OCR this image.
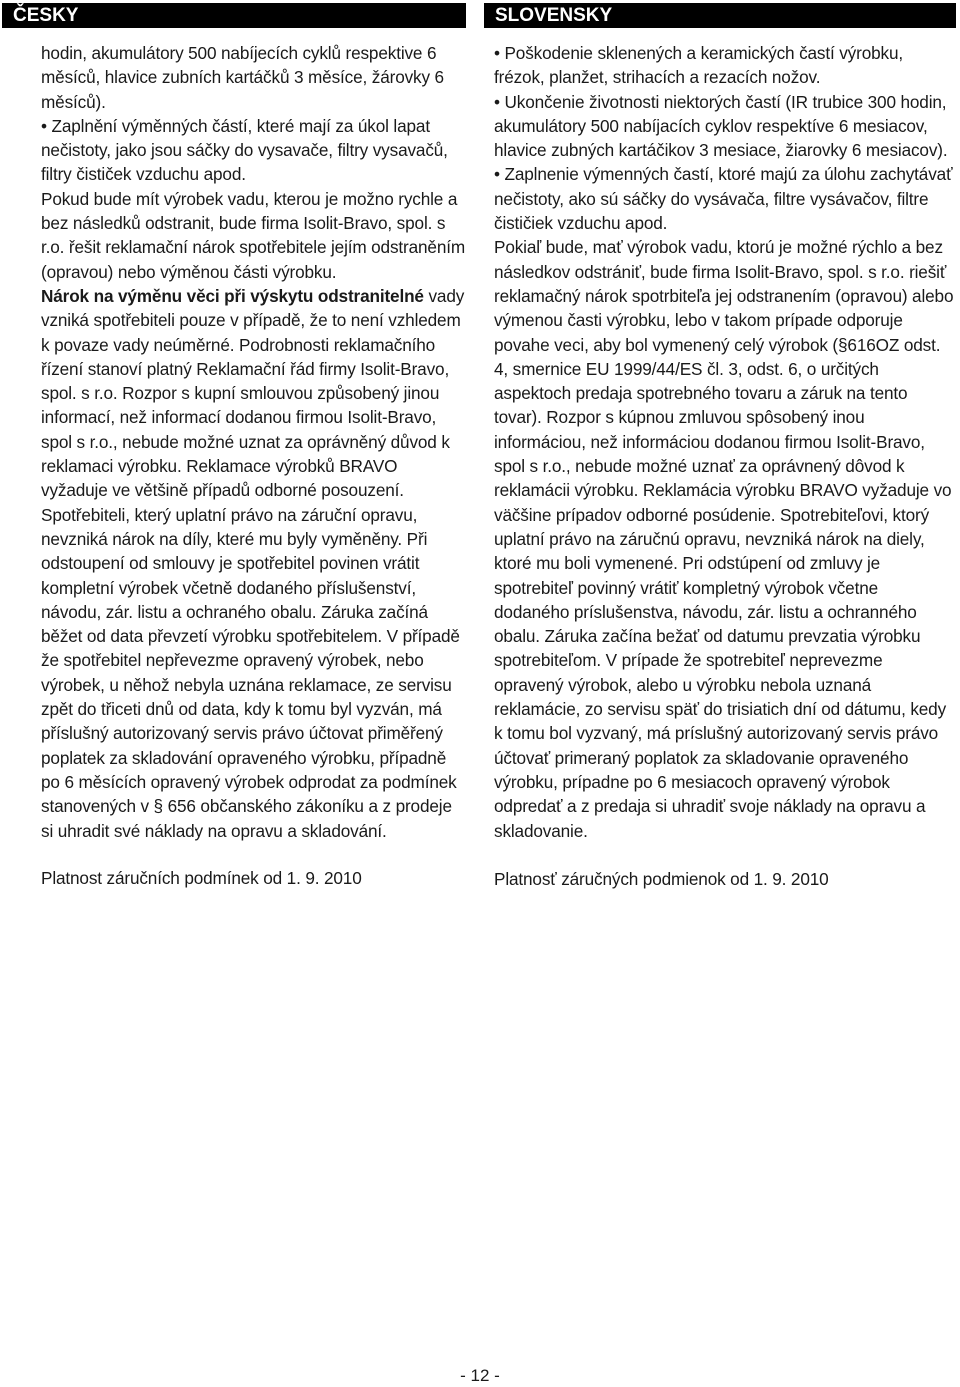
ČESKY

hodin, akumulátory 500 nabíjecích cyklů respektive 6 měsíců, hlavice zubních kartáčků 3 měsíce, žárovky 6 měsíců).

• Zaplnění výměnných částí, které mají za úkol lapat nečistoty, jako jsou sáčky do vysavače, filtry vysavačů, filtry čističek vzduchu apod.

Pokud bude mít výrobek vadu, kterou je možno rychle a bez následků odstranit, bude firma Isolit-Bravo, spol. s r.o. řešit reklamační nárok spotřebitele jejím odstraněním (opravou) nebo výměnou části výrobku.

Nárok na výměnu věci při výskytu odstranitelné vady vzniká spotřebiteli pouze v případě, že to není vzhledem k povaze vady neúměrné. Podrobnosti reklamačního řízení stanoví platný Reklamační řád firmy Isolit-Bravo, spol. s r.o. Rozpor s kupní smlouvou způsobený jinou informací, než informací dodanou firmou Isolit-Bravo, spol s r.o., nebude možné uznat za oprávněný důvod k reklamaci výrobku. Reklamace výrobků BRAVO vyžaduje ve většině případů odborné posouzení. Spotřebiteli, který uplatní právo na záruční opravu, nevzniká nárok na díly, které mu byly vyměněny. Při odstoupení od smlouvy je spotřebitel povinen vrátit kompletní výrobek včetně dodaného příslušenství, návodu, zár. listu a ochraného obalu. Záruka začíná běžet od data převzetí výrobku spotřebitelem. V případě že spotřebitel nepřevezme opravený výrobek, nebo výrobek, u něhož nebyla uznána reklamace, ze servisu zpět do třiceti dnů od data, kdy k tomu byl vyzván, má příslušný autorizovaný servis právo účtovat přiměřený poplatek za skladování opraveného výrobku, případně po 6 měsících opravený výrobek odprodat za podmínek stanovených v § 656 občanského zákoníku a z prodeje si uhradit své náklady na opravu a skladování.

Platnost záručních podmínek od 1. 9. 2010

SLOVENSKY

• Poškodenie sklenených a keramických častí výrobku, frézok, planžet, strihacích a rezacích nožov.

• Ukončenie životnosti niektorých častí (IR trubice 300 hodin, akumulátory 500 nabíjacích cyklov respektíve 6 mesiacov, hlavice zubných kartáčikov 3 mesiace, žiarovky 6 mesiacov).

• Zaplnenie výmenných častí, ktoré majú za úlohu zachytávať nečistoty, ako sú sáčky do vysávača, filtre vysávačov, filtre čističiek vzduchu apod.

Pokiaľ bude, mať výrobok vadu, ktorú je možné rýchlo a bez následkov odstrániť, bude firma Isolit-Bravo, spol. s r.o. riešiť reklamačný nárok spotrbiteľa jej odstranením (opravou) alebo výmenou časti výrobku, lebo v takom prípade odporuje povahe veci, aby bol vymenený celý výrobok (§616OZ odst. 4, smernice EU 1999/44/ES čl. 3, odst. 6, o určitých aspektoch predaja spotrebného tovaru a záruk na tento tovar). Rozpor s kúpnou zmluvou spôsobený inou informáciou, než informáciou dodanou firmou Isolit-Bravo, spol s r.o., nebude možné uznať za oprávnený dôvod k reklamácii výrobku. Reklamácia výrobku BRAVO vyžaduje vo väčšine prípadov odborné posúdenie. Spotrebiteľovi, ktorý uplatní právo na záručnú opravu, nevzniká nárok na diely, ktoré mu boli vymenené. Pri odstúpení od zmluvy je spotrebiteľ povinný vrátiť kompletný výrobok včetne dodaného príslušenstva, návodu, zár. listu a ochranného obalu. Záruka začína bežať od datumu prevzatia výrobku spotrebiteľom. V prípade že spotrebiteľ neprevezme opravený výrobok, alebo u výrobku nebola uznaná reklamácie, zo servisu späť do trisiatich dní od dátumu, kedy k tomu bol vyzvaný, má príslušný autorizovaný servis právo účtovať primeraný poplatok za skladovanie opraveného výrobku, prípadne po 6 mesiacoch opravený výrobok odpredať a z predaja si uhradiť svoje náklady na opravu a skladovanie.

Platnosť záručných podmienok od 1. 9. 2010

- 12 -
